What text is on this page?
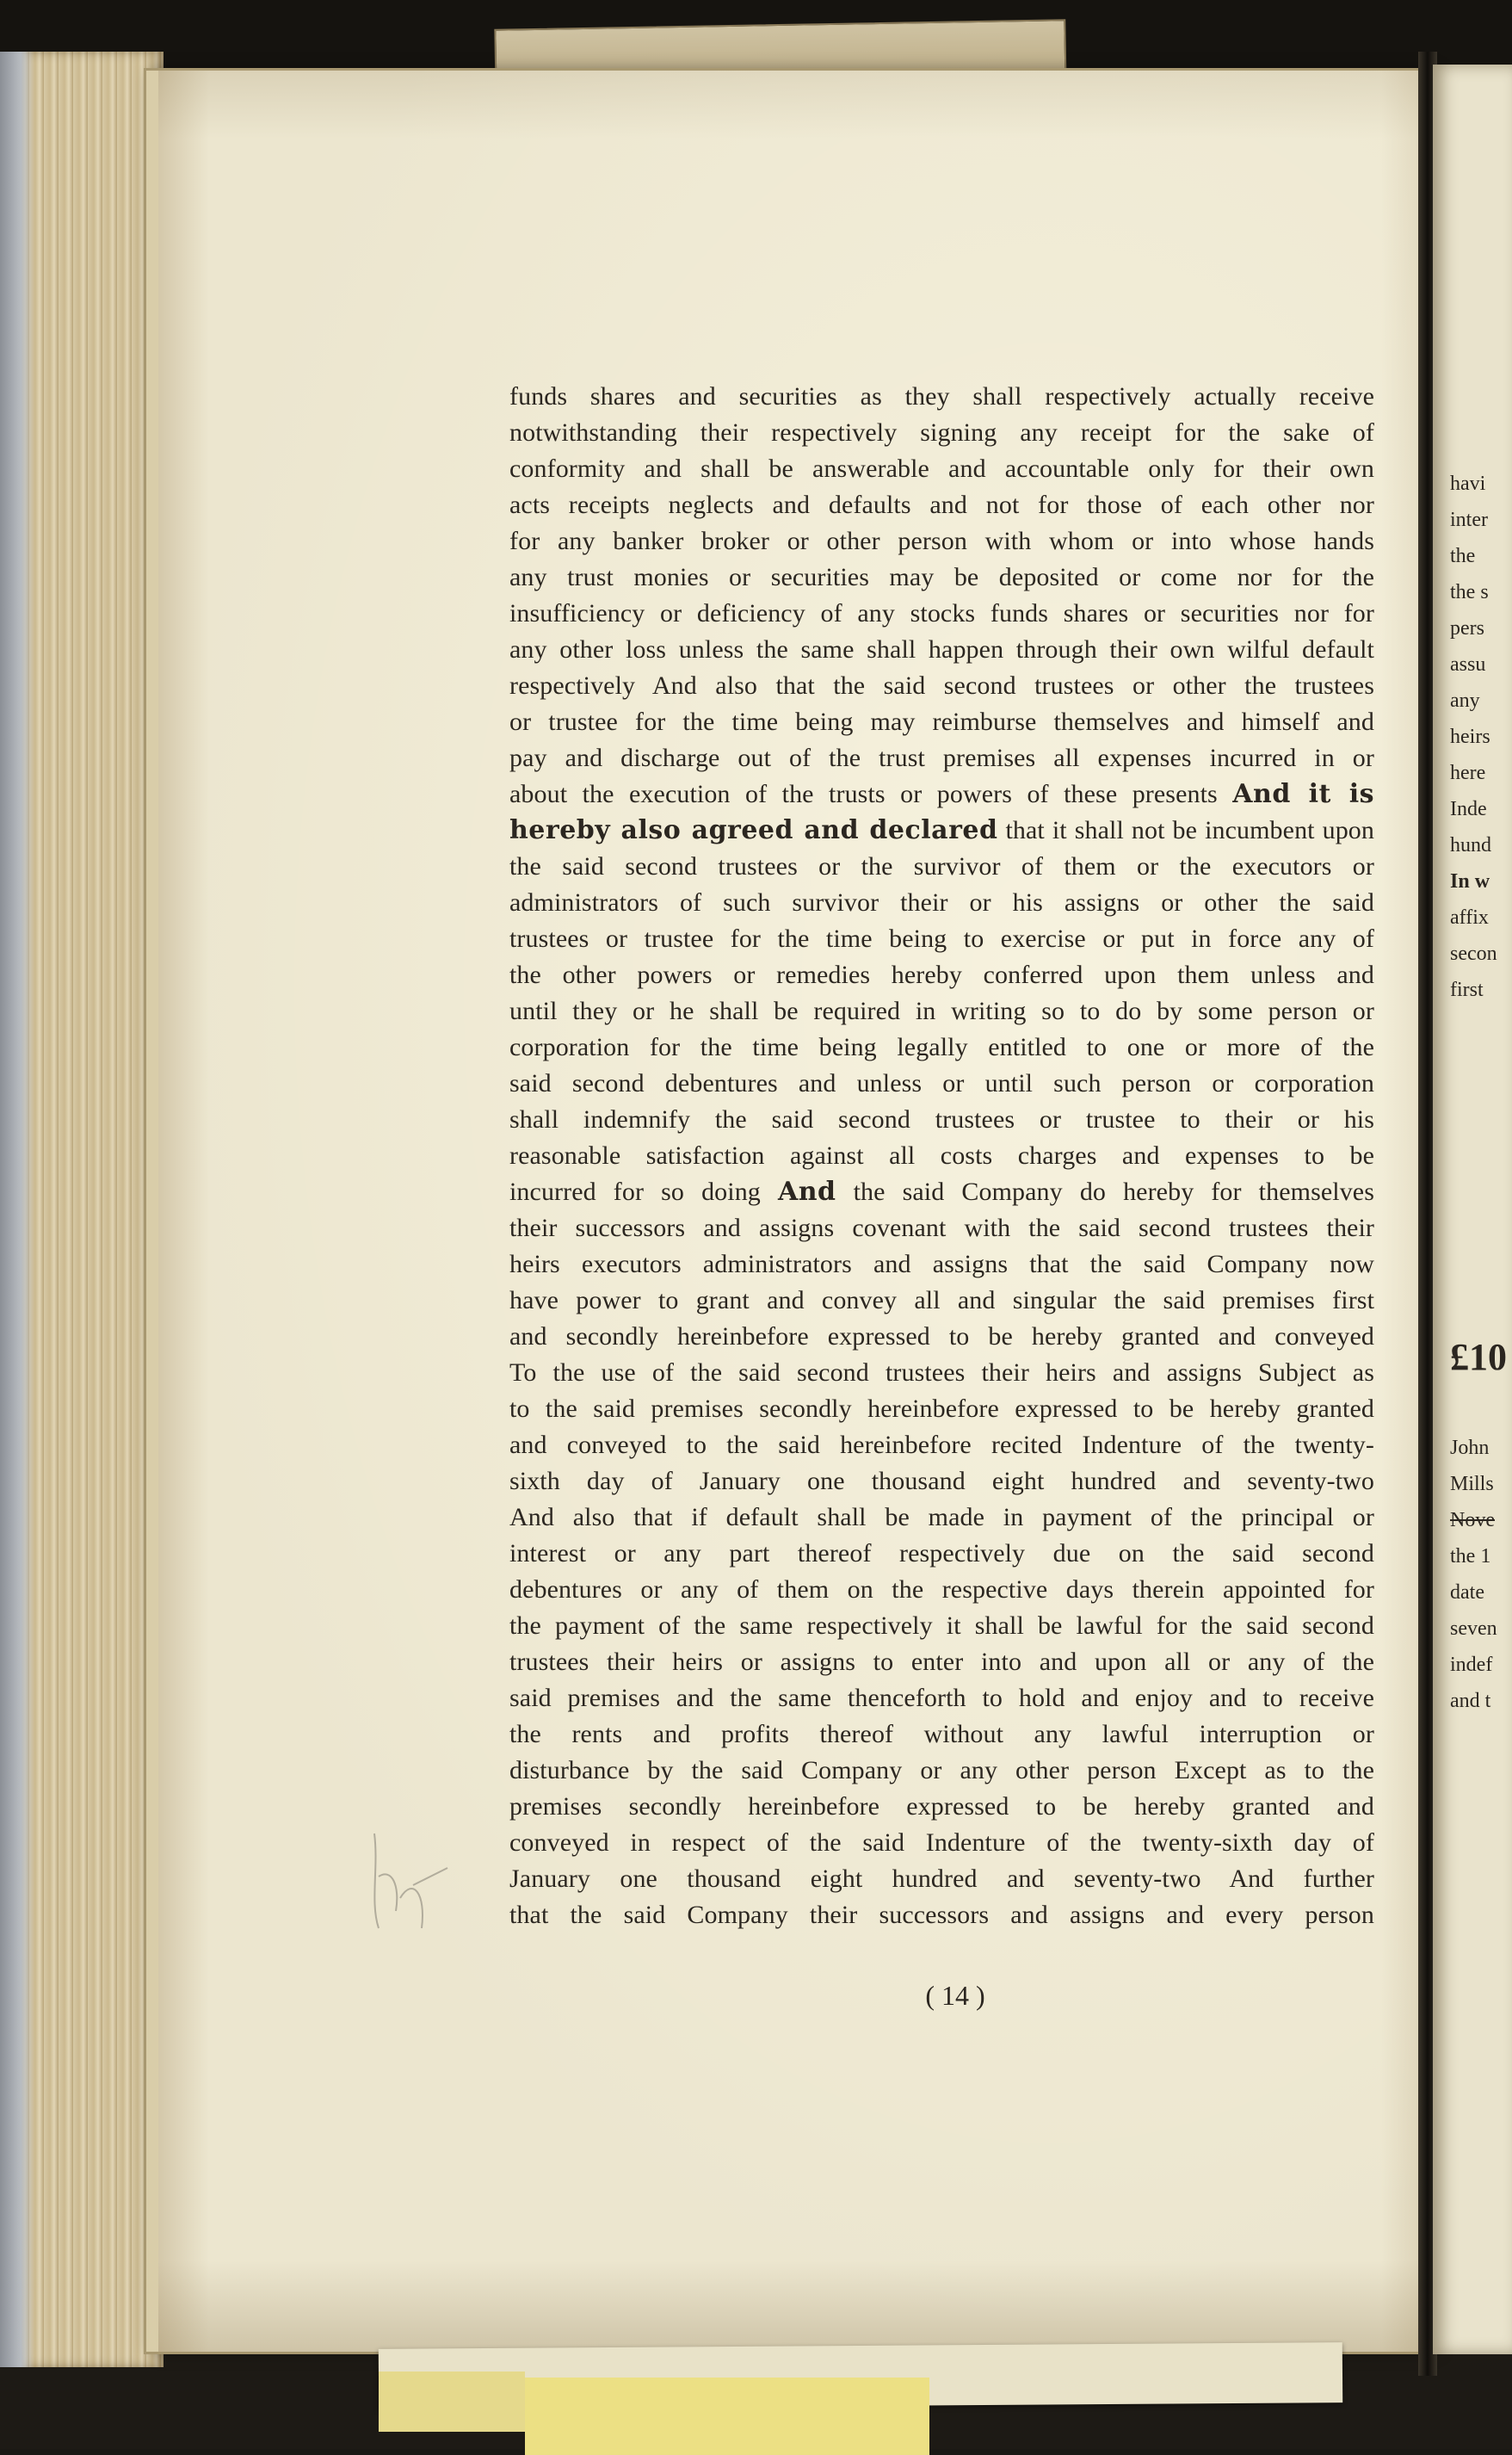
havi
inter
the
the s
pers
assu
any
heirs
here
Inde
hund
In w
affix
secon
first
£10
John
Mills
Nove
the 1
date
seven
indef
and t
funds shares and securities as they shall respectively actually receive
notwithstanding their respectively signing any receipt for the sake of
conformity and shall be answerable and accountable only for their own
acts receipts neglects and defaults and not for those of each other nor
for any banker broker or other person with whom or into whose hands
any trust monies or securities may be deposited or come nor for the
insufficiency or deficiency of any stocks funds shares or securities nor for
any other loss unless the same shall happen through their own wilful default
respectively And also that the said second trustees or other the trustees
or trustee for the time being may reimburse themselves and himself and
pay and discharge out of the trust premises all expenses incurred in or
about the execution of the trusts or powers of these presents And it is
hereby also agreed and declared that it shall not be incumbent upon
the said second trustees or the survivor of them or the executors or
administrators of such survivor their or his assigns or other the said
trustees or trustee for the time being to exercise or put in force any of
the other powers or remedies hereby conferred upon them unless and
until they or he shall be required in writing so to do by some person or
corporation for the time being legally entitled to one or more of the
said second debentures and unless or until such person or corporation
shall indemnify the said second trustees or trustee to their or his
reasonable satisfaction against all costs charges and expenses to be
incurred for so doing And the said Company do hereby for themselves
their successors and assigns covenant with the said second trustees their
heirs executors administrators and assigns that the said Company now
have power to grant and convey all and singular the said premises first
and secondly hereinbefore expressed to be hereby granted and conveyed
To the use of the said second trustees their heirs and assigns Subject as
to the said premises secondly hereinbefore expressed to be hereby granted
and conveyed to the said hereinbefore recited Indenture of the twenty-
sixth day of January one thousand eight hundred and seventy-two
And also that if default shall be made in payment of the principal or
interest or any part thereof respectively due on the said second
debentures or any of them on the respective days therein appointed for
the payment of the same respectively it shall be lawful for the said second
trustees their heirs or assigns to enter into and upon all or any of the
said premises and the same thenceforth to hold and enjoy and to receive
the rents and profits thereof without any lawful interruption or
disturbance by the said Company or any other person Except as to the
premises secondly hereinbefore expressed to be hereby granted and
conveyed in respect of the said Indenture of the twenty-sixth day of
January one thousand eight hundred and seventy-two And further
that the said Company their successors and assigns and every person
( 14 )
